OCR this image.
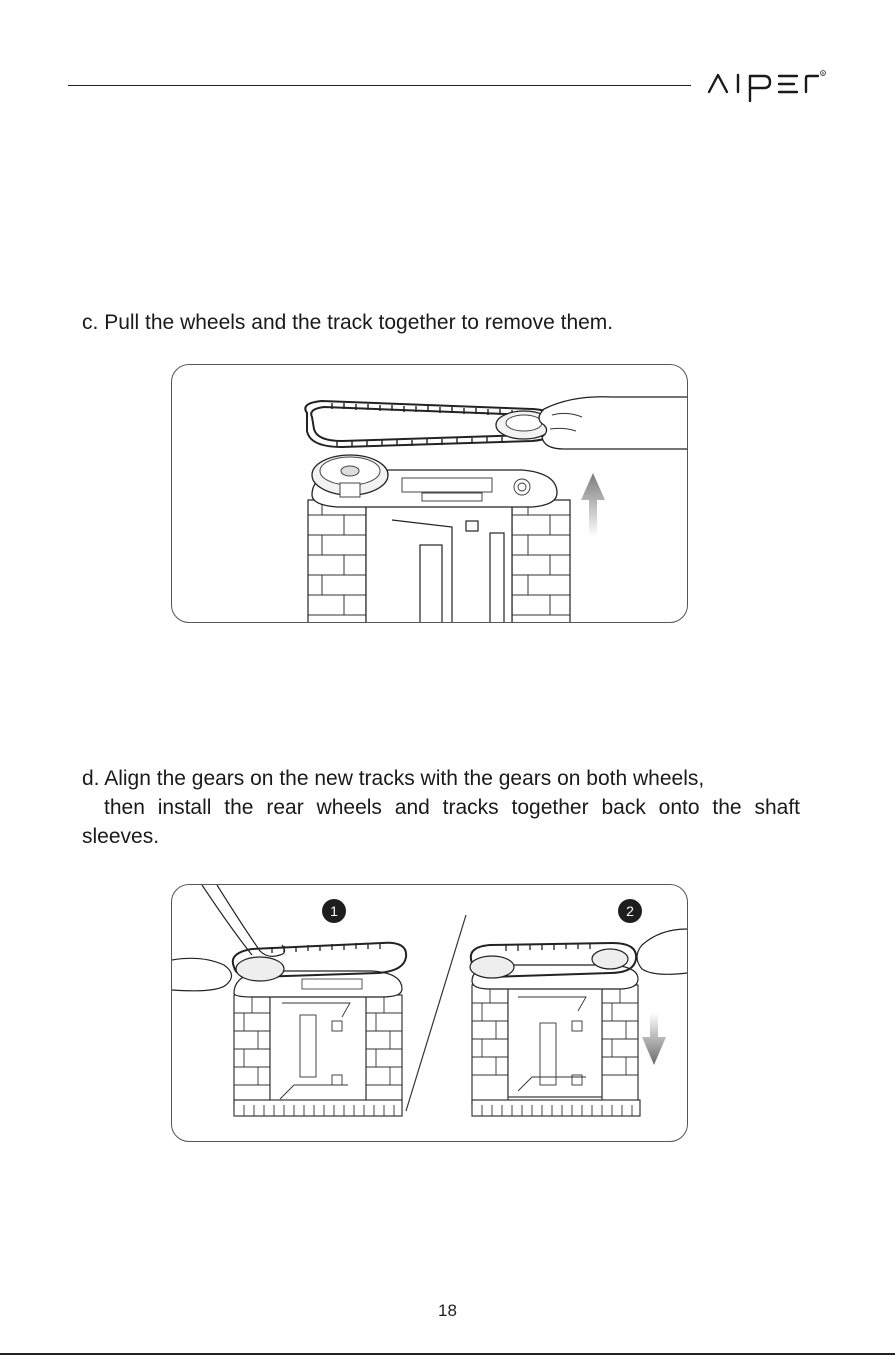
R

c. Pull the wheels and the track together to remove them.

d. Align the gears on the new tracks with the gears on both wheels,
then install the rear wheels and tracks together back onto the shaft sleeves.

1	2
18
